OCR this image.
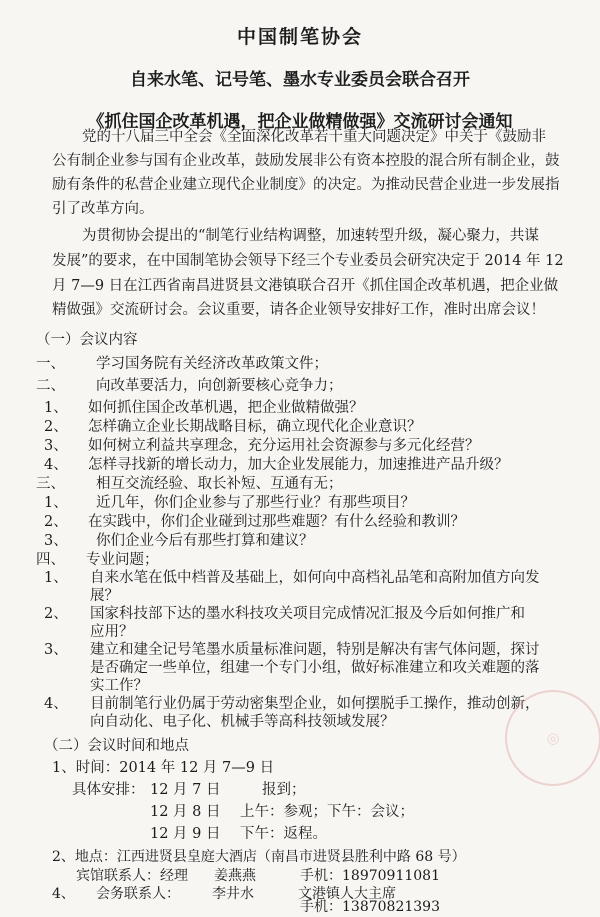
中国制笔协会
自来水笔、记号笔、墨水专业委员会联合召开
《抓住国企改革机遇，把企业做精做强》交流研讨会通知
党的十八届三中全会《全面深化改革若干重大问题决定》中关于《鼓励非
公有制企业参与国有企业改革，鼓励发展非公有资本控股的混合所有制企业，鼓
励有条件的私营企业建立现代企业制度》的决定。为推动民营企业进一步发展指
引了改革方向。
为贯彻协会提出的“制笔行业结构调整，加速转型升级，凝心聚力，共谋
发展”的要求，在中国制笔协会领导下经三个专业委员会研究决定于 2014 年 12
月 7—9 日在江西省南昌进贤县文港镇联合召开《抓住国企改革机遇，把企业做
精做强》交流研讨会。会议重要，请各企业领导安排好工作，准时出席会议！
（一）会议内容
一、 学习国务院有关经济改革政策文件；
二、 向改革要活力，向创新要核心竞争力；
1、 如何抓住国企改革机遇，把企业做精做强？
2、 怎样确立企业长期战略目标，确立现代化企业意识？
3、 如何树立利益共享理念，充分运用社会资源参与多元化经营？
4、 怎样寻找新的增长动力，加大企业发展能力，加速推进产品升级？
三、 相互交流经验、取长补短、互通有无；
1、 近几年，你们企业参与了那些行业？有那些项目？
2、 在实践中，你们企业碰到过那些难题？有什么经验和教训？
3、 你们企业今后有那些打算和建议？
四、 专业问题；
1、 自来水笔在低中档普及基础上，如何向中高档礼品笔和高附加值方向发
展？
2、 国家科技部下达的墨水科技攻关项目完成情况汇报及今后如何推广和
应用？
3、 建立和建全记号笔墨水质量标准问题，特别是解决有害气体问题，探讨
是否确定一些单位，组建一个专门小组，做好标准建立和攻关难题的落
实工作？
4、 目前制笔行业仍属于劳动密集型企业，如何摆脱手工操作，推动创新，
向自动化、电子化、机械手等高科技领域发展？
（二）会议时间和地点
1、时间：2014 年 12 月 7—9 日
具体安排： 12 月 7 日	报到；
12 月 8 日 上午：参观；下午：会议；
12 月 9 日 下午：返程。
◎
2、地点：江西进贤县皇庭大酒店（南昌市进贤县胜利中路 68 号）
宾馆联系人：经理 姜燕燕	手机：18970911081
4、 会务联系人： 李井水	文港镇人大主席
手机：13870821393
